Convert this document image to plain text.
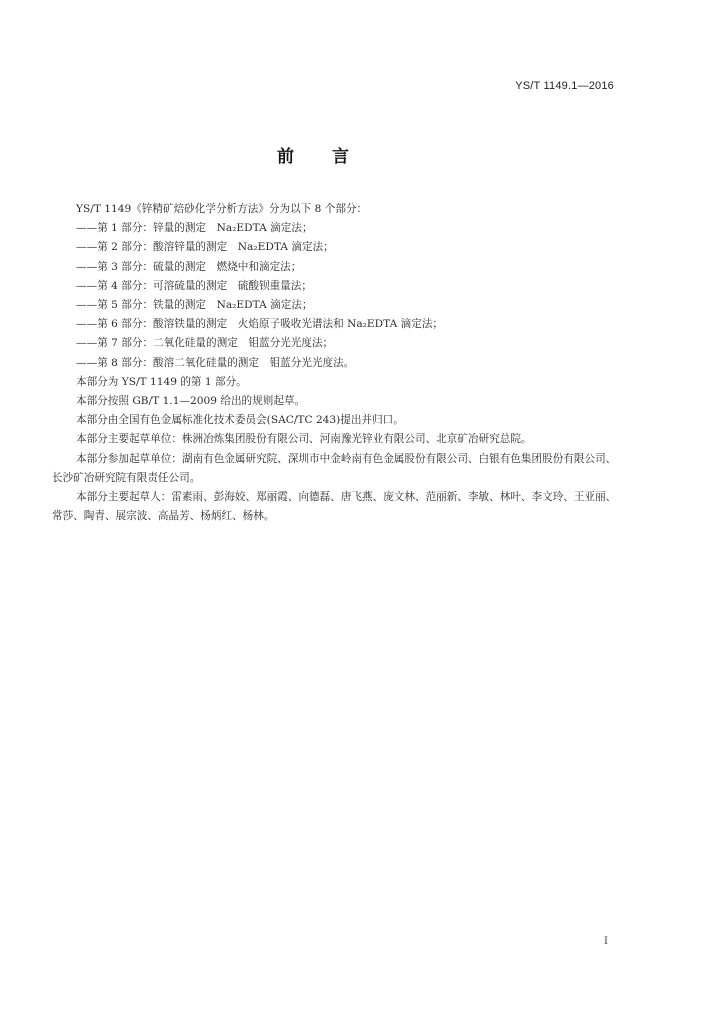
YS/T 1149.1—2016
前言

YS/T 1149《锌精矿焙砂化学分析方法》分为以下 8 个部分：

——第 1 部分：锌量的测定　Na₂EDTA 滴定法；

——第 2 部分：酸溶锌量的测定　Na₂EDTA 滴定法；

——第 3 部分：硫量的测定　燃烧中和滴定法；

——第 4 部分：可溶硫量的测定　硫酸钡重量法；

——第 5 部分：铁量的测定　Na₂EDTA 滴定法；

——第 6 部分：酸溶铁量的测定　火焰原子吸收光谱法和 Na₂EDTA 滴定法；

——第 7 部分：二氧化硅量的测定　钼蓝分光光度法；

——第 8 部分：酸溶二氧化硅量的测定　钼蓝分光光度法。

本部分为 YS/T 1149 的第 1 部分。

本部分按照 GB/T 1.1—2009 给出的规则起草。

本部分由全国有色金属标准化技术委员会(SAC/TC 243)提出并归口。

本部分主要起草单位：株洲冶炼集团股份有限公司、河南豫光锌业有限公司、北京矿冶研究总院。

本部分参加起草单位：湖南有色金属研究院、深圳市中金岭南有色金属股份有限公司、白银有色集团股份有限公司、长沙矿冶研究院有限责任公司。

本部分主要起草人：雷素雨、彭海姣、郑丽霞、向德磊、唐飞燕、庞文林、范丽新、李敏、林叶、李文玲、王亚丽、常莎、陶青、展宗波、高晶芳、杨炳红、杨林。

I
